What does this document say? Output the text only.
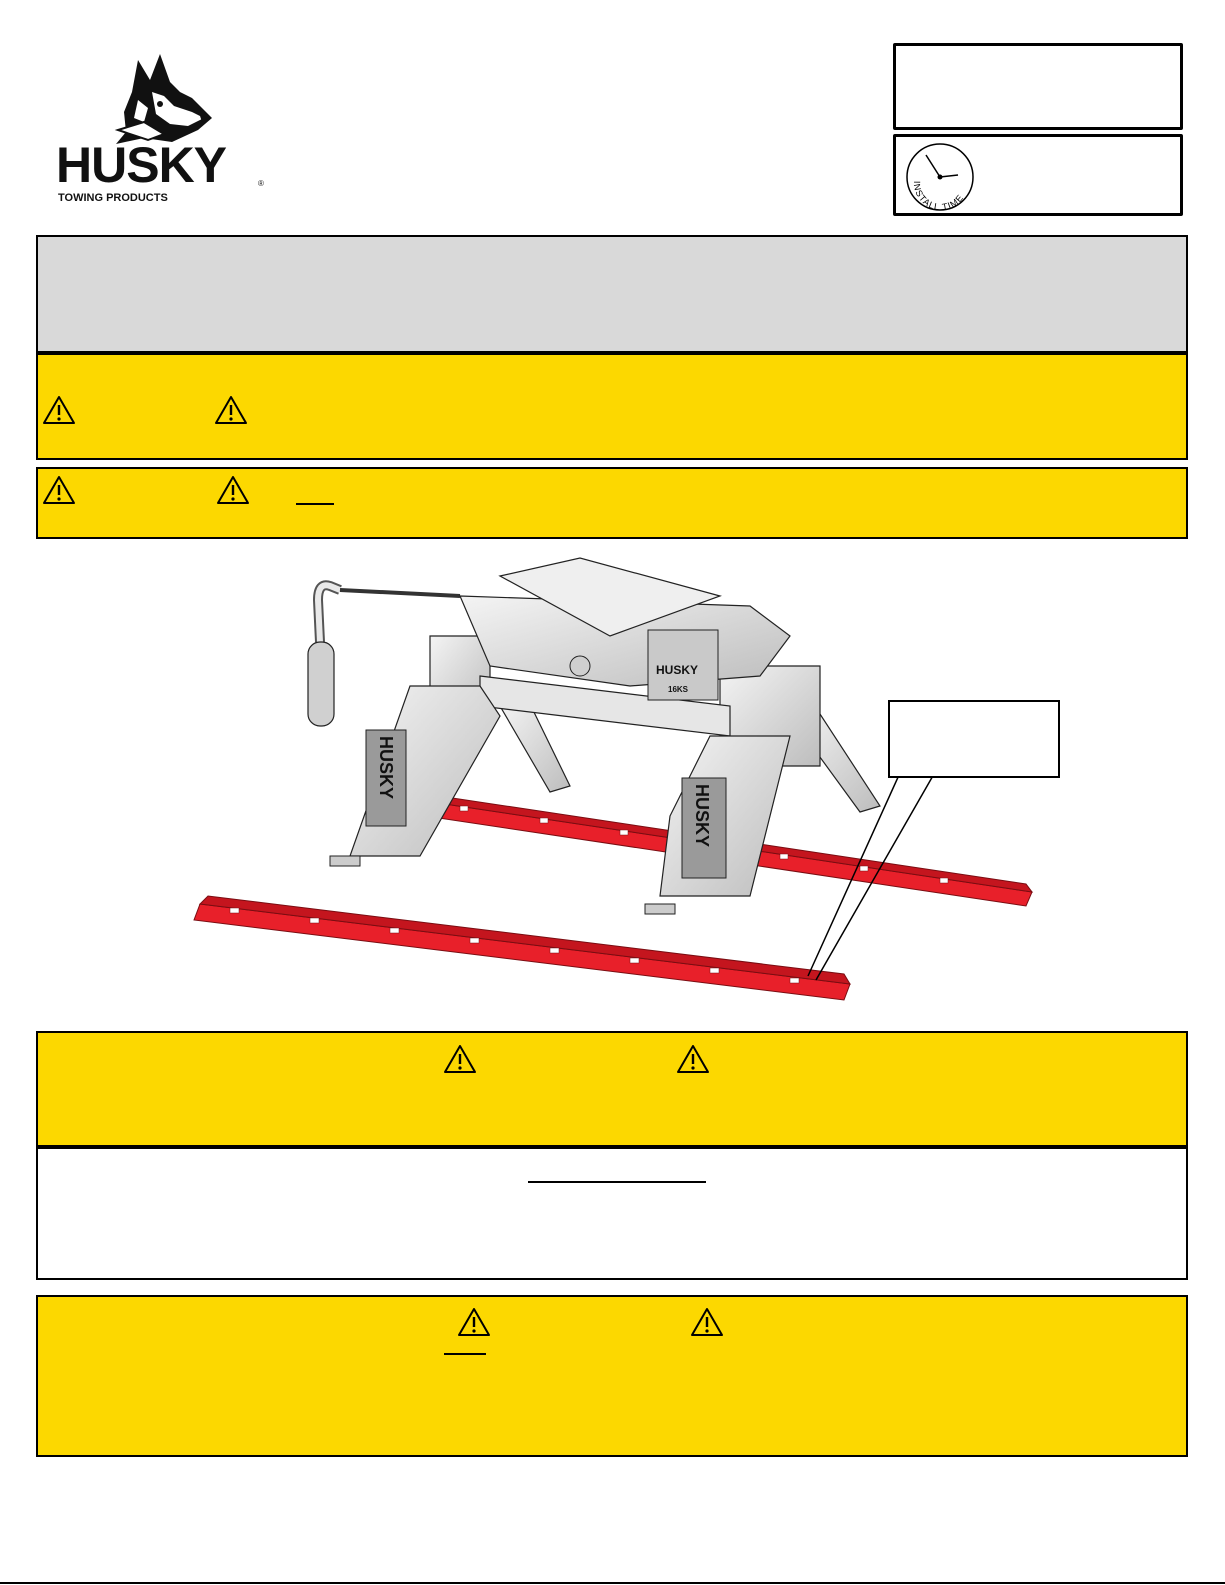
HUSKY
TOWING PRODUCTS
®	INSTALL TIME
HUSKY
16KS
HUSKY
HUSKY
